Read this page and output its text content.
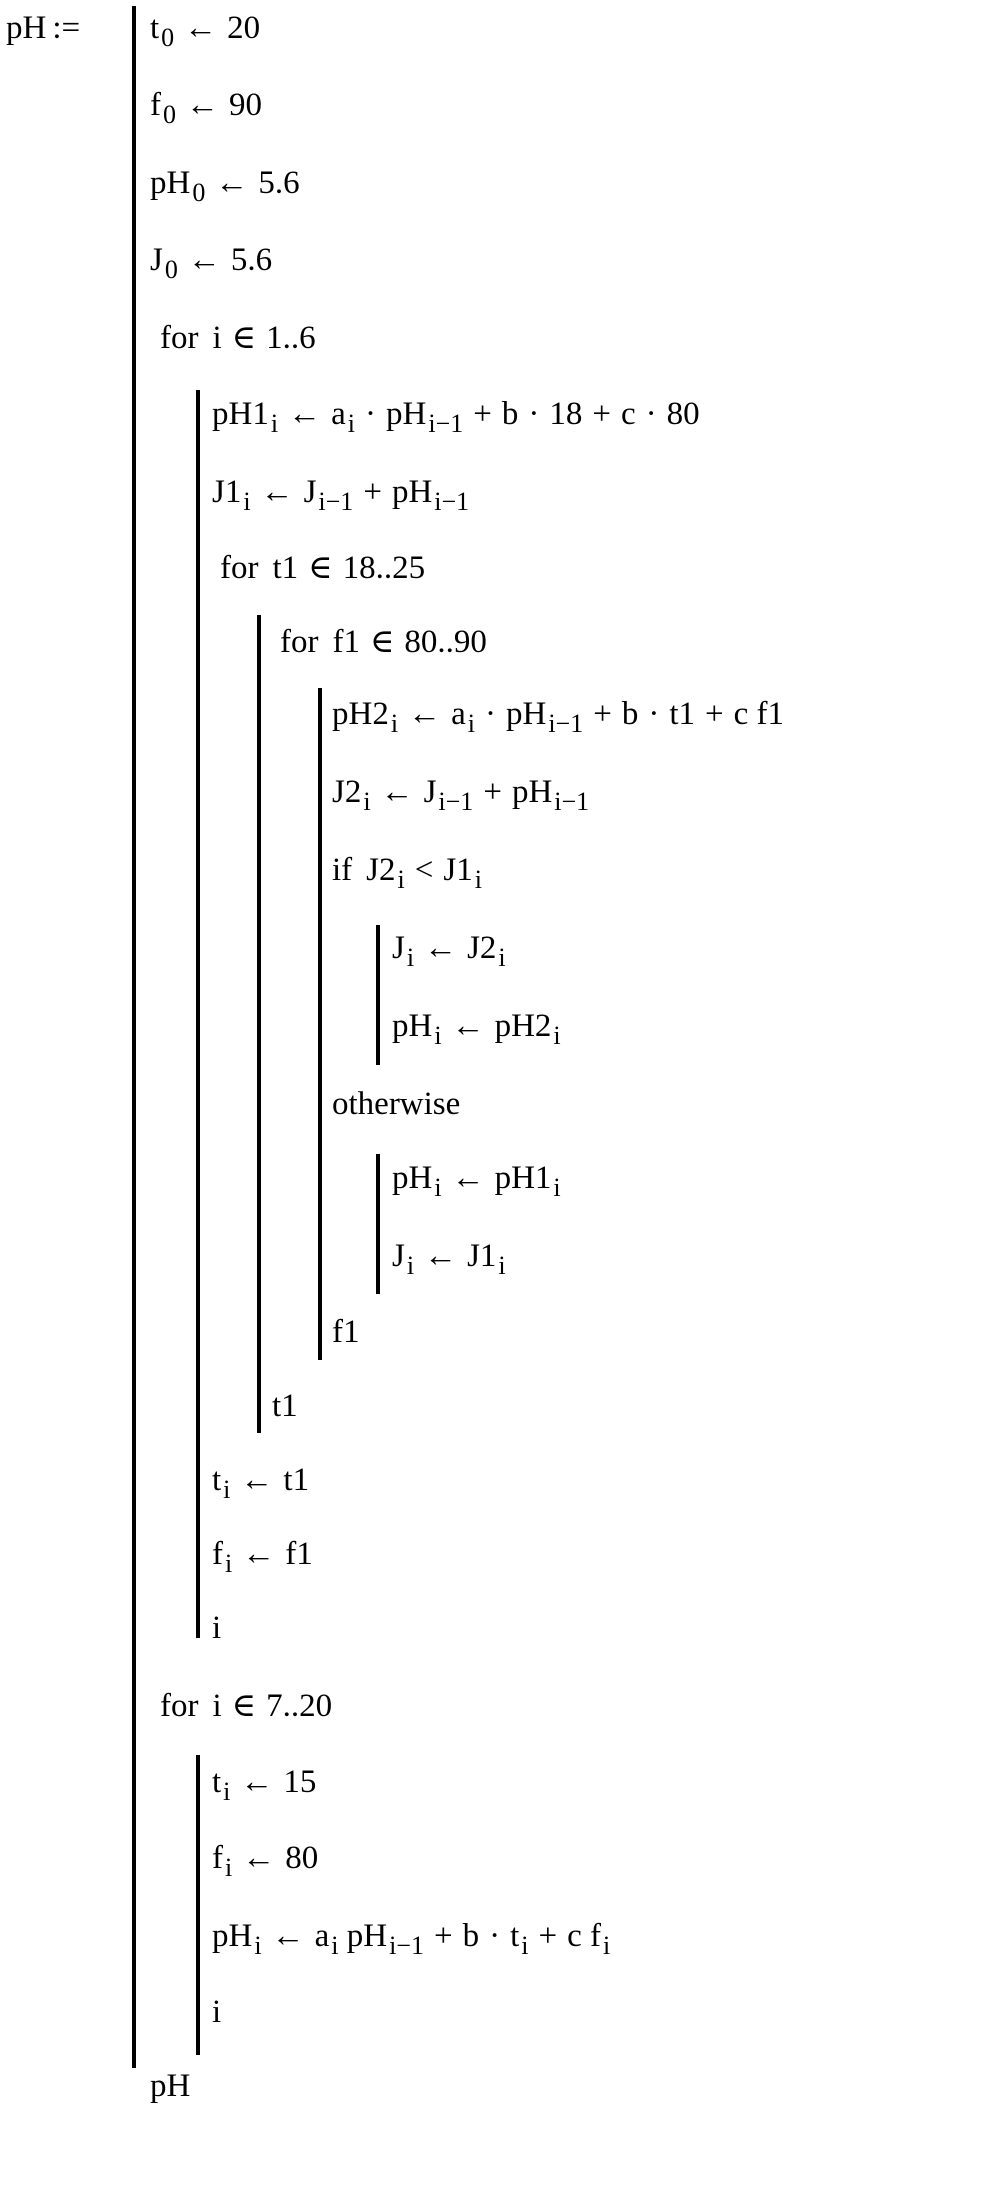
pH :=	$t_0$ ← 20
$f_0$ ← 90
$pH_0$ ← 5.6
$J_0$ ← 5.6
for i ∈ 1..6
$pH1_i$ ← $a_i \cdot pH_{i-1} + b \cdot 18 + c \cdot 80$
$J1_i$ ← $J_{i-1} + pH_{i-1}$
for t1 ∈ 18..25
for f1 ∈ 80..90
$pH2_i$ ← $a_i \cdot pH_{i-1} + b \cdot t1 + c$ f1
$J2_i$ ← $J_{i-1} + pH_{i-1}$
if $J2_i < J1_i$
$J_i$ ← $J2_i$
$pH_i$ ← $pH2_i$
otherwise
$pH_i$ ← $pH1_i$
$J_i$ ← $J1_i$
f1
t1
$t_i$ ← t1
$f_i$ ← f1
i
for i ∈ 7..20
$t_i$ ← 15
$f_i$ ← 80
$pH_i$ ← $a_i$ $pH_{i-1} + b \cdot t_i + c$ $f_i$
i
pH
